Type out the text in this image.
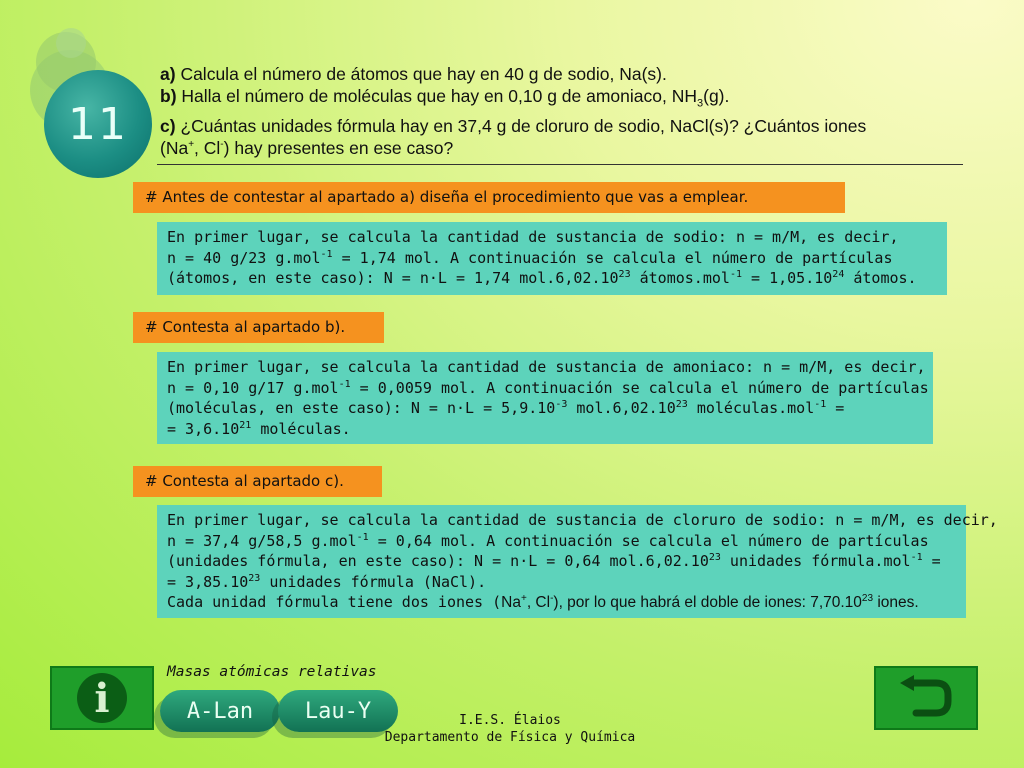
11
a) Calcula el número de átomos que hay en 40 g de sodio, Na(s).
b) Halla el número de moléculas que hay en 0,10 g de amoniaco, $NH_3(g)$.
c) ¿Cuántas unidades fórmula hay en 37,4 g de cloruro de sodio, NaCl(s)? ¿Cuántos iones
(Na+, Cl-) hay presentes en ese caso?
# Antes de contestar al apartado a) diseña el procedimiento que vas a emplear.
En primer lugar, se calcula la cantidad de sustancia de sodio: n = m/M, es decir,
n = 40 g/23 g.mol$^{-1}$ = 1,74 mol. A continuación se calcula el número de partículas
(átomos, en este caso): N = n·L = 1,74 mol.6,02.10$^{23}$ átomos.mol$^{-1}$ = $1,05.10^{24}$ átomos.
# Contesta al apartado b).
En primer lugar, se calcula la cantidad de sustancia de amoniaco: n = m/M, es decir,
n = 0,10 g/17 g.mol$^{-1}$ = 0,0059 mol. A continuación se calcula el número de partículas
(moléculas, en este caso): $N = n\cdot L = 5,9.10^{-3}$ mol.6,02.10$^{23}$ moléculas.mol$^{-1}$ =
= $3,6.10^{21}$ moléculas.
# Contesta al apartado c).
En primer lugar, se calcula la cantidad de sustancia de cloruro de sodio: n = m/M, es decir,
n = 37,4 g/58,5 g.mol$^{-1}$ = 0,64 mol. A continuación se calcula el número de partículas
(unidades fórmula, en este caso): N = n·L = 0,64 mol.6,02.10$^{23}$ unidades fórmula.mol$^{-1}$ =
= $3,85.10^{23}$ unidades fórmula (NaCl).
Cada unidad fórmula tiene dos iones (Na+, Cl-), por lo que habrá el doble de iones: 7,70.10$^{23}$ iones.
i
Masas atómicas relativas
A-Lan	Lau-Y	I.E.S. Élaios
Departamento de Física y Química
